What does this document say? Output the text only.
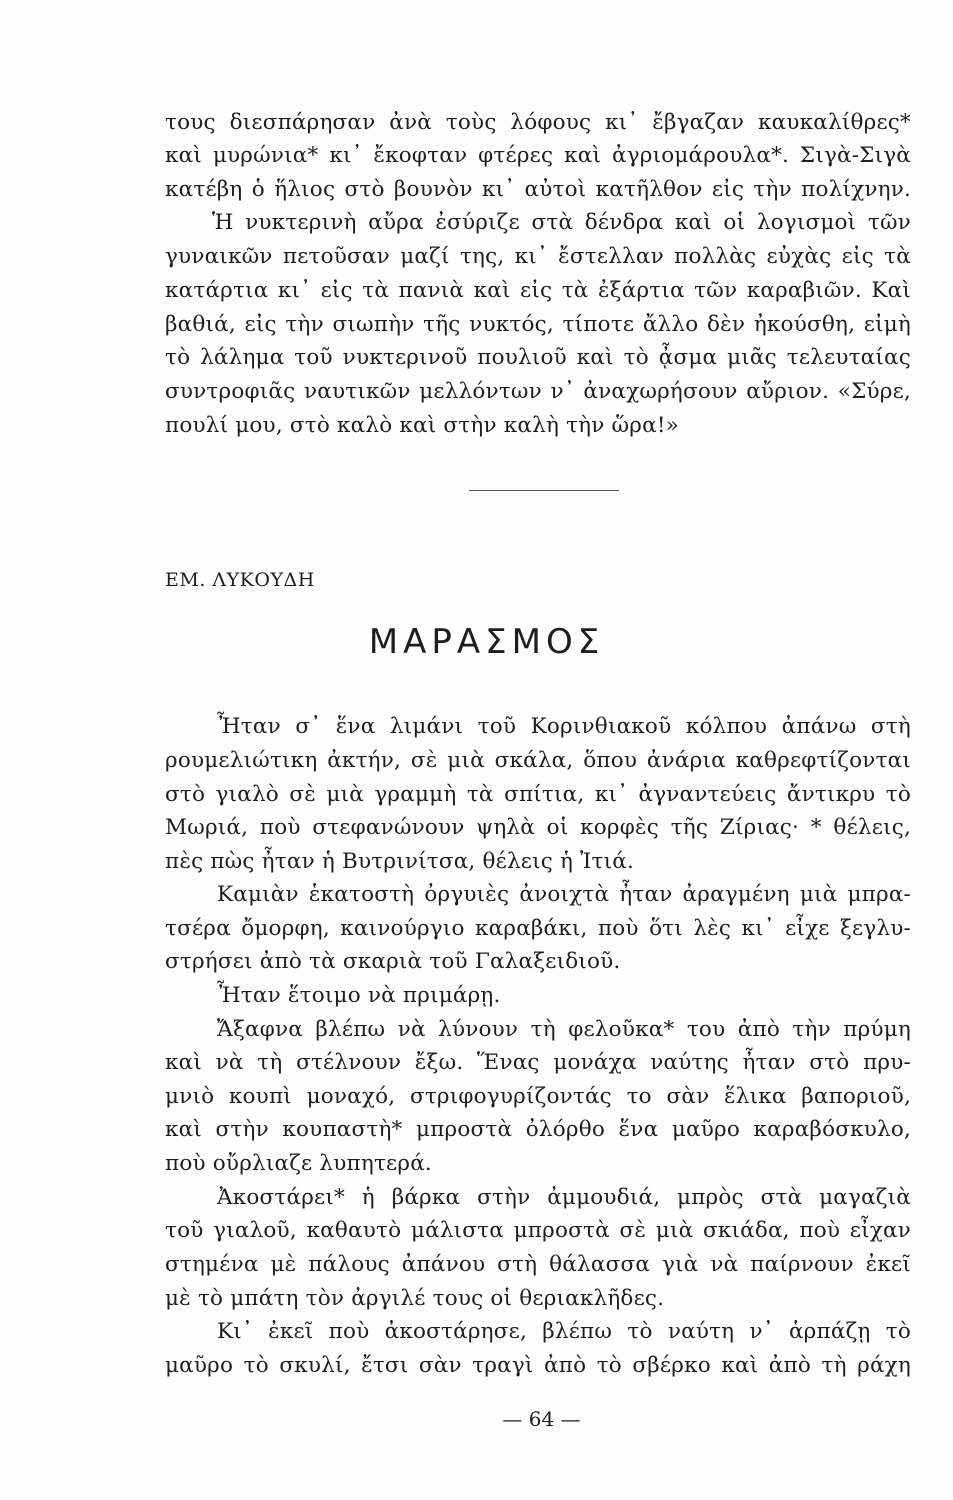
τους διεσπάρησαν ἀνὰ τοὺς λόφους κι᾿ ἔβγαζαν καυκαλίθρες*
καὶ μυρώνια* κι᾿ ἔκοφταν φτέρες καὶ ἀγριομάρουλα*. Σιγὰ-Σιγὰ
κατέβη ὁ ἥλιος στὸ βουνὸν κι᾿ αὐτοὶ κατῆλθον εἰς τὴν πολίχνην.
Ἡ νυκτερινὴ αὔρα ἐσύριζε στὰ δένδρα καὶ οἱ λογισμοὶ τῶν
γυναικῶν πετοῦσαν μαζί της, κι᾿ ἔστελλαν πολλὰς εὐχὰς εἰς τὰ
κατάρτια κι᾿ εἰς τὰ πανιὰ καὶ εἰς τὰ ἐξάρτια τῶν καραβιῶν. Καὶ
βαθιά, εἰς τὴν σιωπὴν τῆς νυκτός, τίποτε ἄλλο δὲν ἠκούσθη, εἰμὴ
τὸ λάλημα τοῦ νυκτερινοῦ πουλιοῦ καὶ τὸ ᾆσμα μιᾶς τελευταίας
συντροφιᾶς ναυτικῶν μελλόντων ν᾿ ἀναχωρήσουν αὔριον. «Σύρε,
πουλί μου, στὸ καλὸ καὶ στὴν καλὴ τὴν ὥρα!»
ΕΜ. ΛΥΚΟΥΔΗ
ΜΑΡΑΣΜΟΣ
Ἦταν σ᾿ ἕνα λιμάνι τοῦ Κορινθιακοῦ κόλπου ἀπάνω στὴ
ρουμελιώτικη ἀκτήν, σὲ μιὰ σκάλα, ὅπου ἀνάρια καθρεφτίζονται
στὸ γιαλὸ σὲ μιὰ γραμμὴ τὰ σπίτια, κι᾿ ἀγναντεύεις ἄντικρυ τὸ
Μωριά, ποὺ στεφανώνουν ψηλὰ οἱ κορφὲς τῆς Ζίριας· * θέλεις,
πὲς πὼς ἦταν ἡ Βυτρινίτσα, θέλεις ἡ Ἰτιά.
Καμιὰν ἑκατοστὴ ὀργυιὲς ἀνοιχτὰ ἦταν ἀραγμένη μιὰ μπρα-
τσέρα ὄμορφη, καινούργιο καραβάκι, ποὺ ὅτι λὲς κι᾿ εἶχε ξεγλυ-
στρήσει ἀπὸ τὰ σκαριὰ τοῦ Γαλαξειδιοῦ.
Ἦταν ἕτοιμο νὰ πριμάρῃ.
Ἄξαφνα βλέπω νὰ λύνουν τὴ φελοῦκα* του ἀπὸ τὴν πρύμη
καὶ νὰ τὴ στέλνουν ἔξω. Ἕνας μονάχα ναύτης ἦταν στὸ πρυ-
μνιὸ κουπὶ μοναχό, στριφογυρίζοντάς το σὰν ἕλικα βαποριοῦ,
καὶ στὴν κουπαστὴ* μπροστὰ ὀλόρθο ἕνα μαῦρο καραβόσκυλο,
ποὺ οὔρλιαζε λυπητερά.
Ἀκοστάρει* ἡ βάρκα στὴν ἀμμουδιά, μπρὸς στὰ μαγαζιὰ
τοῦ γιαλοῦ, καθαυτὸ μάλιστα μπροστὰ σὲ μιὰ σκιάδα, ποὺ εἶχαν
στημένα μὲ πάλους ἀπάνου στὴ θάλασσα γιὰ νὰ παίρνουν ἐκεῖ
μὲ τὸ μπάτη τὸν ἀργιλέ τους οἱ θεριακλῆδες.
Κι᾿ ἐκεῖ ποὺ ἀκοστάρησε, βλέπω τὸ ναύτη ν᾿ ἁρπάζῃ τὸ
μαῦρο τὸ σκυλί, ἔτσι σὰν τραγὶ ἀπὸ τὸ σβέρκο καὶ ἀπὸ τὴ ράχη
— 64 —
